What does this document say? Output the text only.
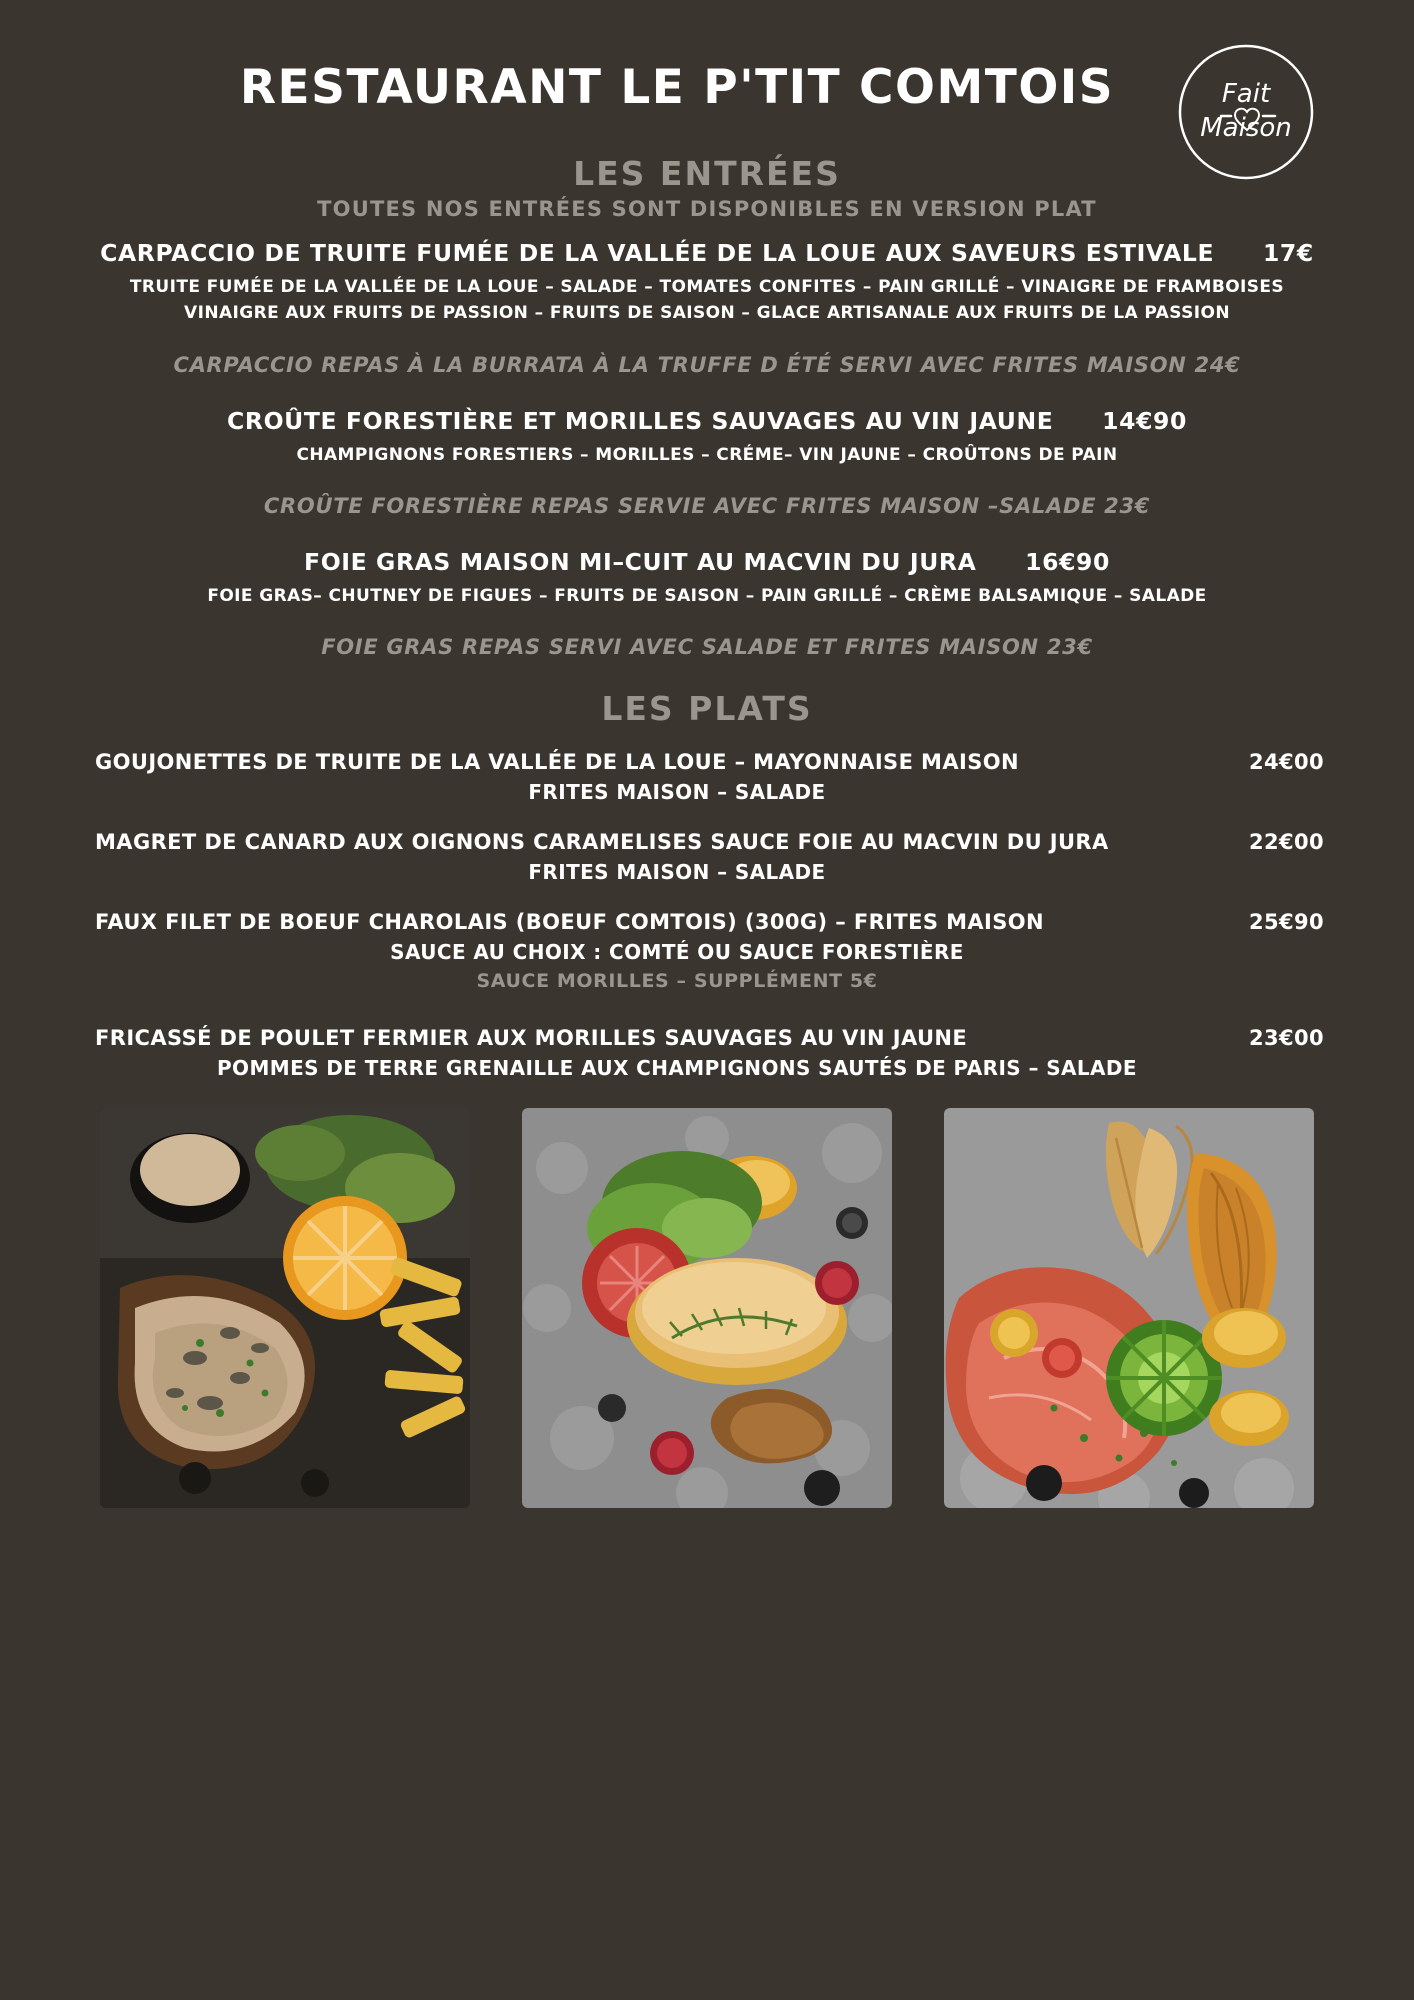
RESTAURANT LE P'TIT COMTOIS	Fait
Maison
LES ENTRÉES
TOUTES NOS ENTRÉES SONT DISPONIBLES EN VERSION PLAT
CARPACCIO DE TRUITE FUMÉE DE LA VALLÉE DE LA LOUE AUX SAVEURS ESTIVALE 17€
TRUITE FUMÉE DE LA VALLÉE DE LA LOUE – SALADE – TOMATES CONFITES – PAIN GRILLÉ – VINAIGRE DE FRAMBOISES
VINAIGRE AUX FRUITS DE PASSION – FRUITS DE SAISON – GLACE ARTISANALE AUX FRUITS DE LA PASSION
CARPACCIO REPAS À LA BURRATA À LA TRUFFE D ÉTÉ SERVI AVEC FRITES MAISON 24€
CROÛTE FORESTIÈRE ET MORILLES SAUVAGES AU VIN JAUNE 14€90
CHAMPIGNONS FORESTIERS – MORILLES – CRÉME– VIN JAUNE – CROÛTONS DE PAIN
CROÛTE FORESTIÈRE REPAS SERVIE AVEC FRITES MAISON –SALADE 23€
FOIE GRAS MAISON MI–CUIT AU MACVIN DU JURA 16€90
FOIE GRAS– CHUTNEY DE FIGUES – FRUITS DE SAISON – PAIN GRILLÉ – CRÈME BALSAMIQUE – SALADE
FOIE GRAS REPAS SERVI AVEC SALADE ET FRITES MAISON 23€
LES PLATS
GOUJONETTES DE TRUITE DE LA VALLÉE DE LA LOUE – MAYONNAISE MAISON	24€00
FRITES MAISON – SALADE
MAGRET DE CANARD AUX OIGNONS CARAMELISES SAUCE FOIE AU MACVIN DU JURA	22€00
FRITES MAISON – SALADE
FAUX FILET DE BOEUF CHAROLAIS (BOEUF COMTOIS) (300G) – FRITES MAISON	25€90
SAUCE AU CHOIX : COMTÉ OU SAUCE FORESTIÈRE
SAUCE MORILLES – SUPPLÉMENT 5€
FRICASSÉ DE POULET FERMIER AUX MORILLES SAUVAGES AU VIN JAUNE	23€00
POMMES DE TERRE GRENAILLE AUX CHAMPIGNONS SAUTÉS DE PARIS – SALADE
